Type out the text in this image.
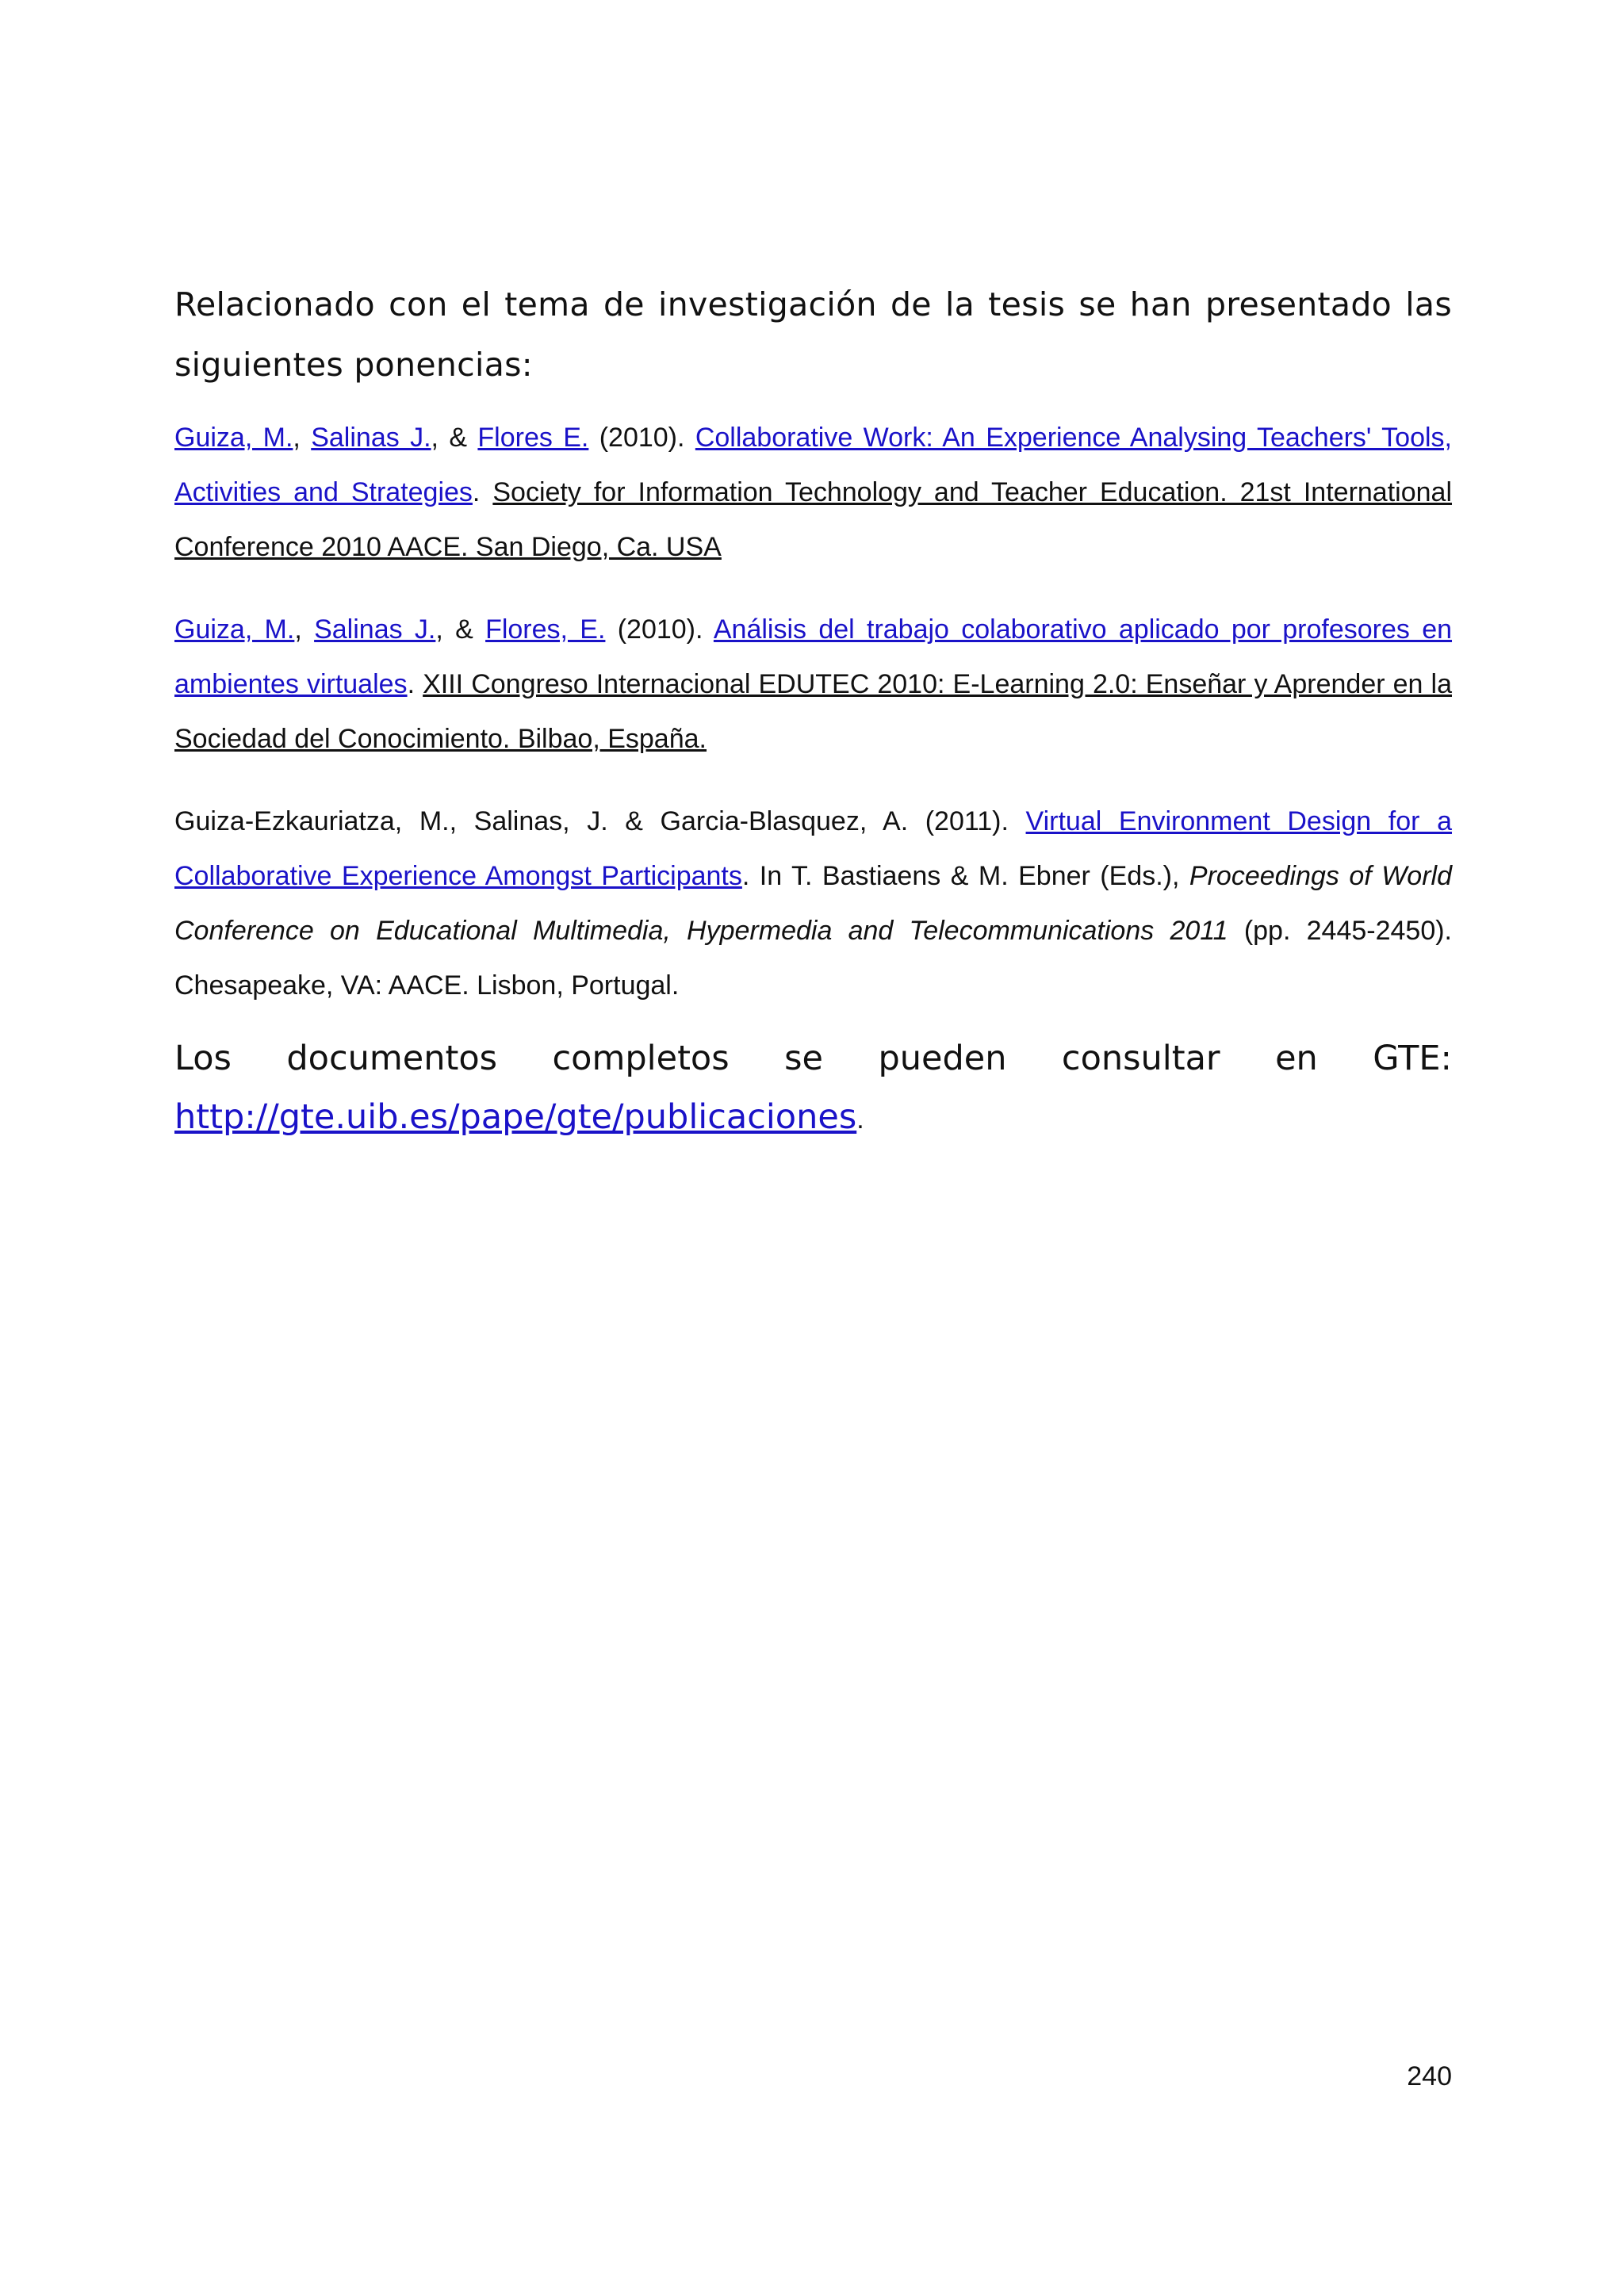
Relacionado con el tema de investigación de la tesis se han presentado las siguientes ponencias:

Guiza, M., Salinas J., & Flores E. (2010). Collaborative Work: An Experience Analysing Teachers' Tools, Activities and Strategies. Society for Information Technology and Teacher Education. 21st International Conference 2010 AACE. San Diego, Ca. USA

Guiza, M., Salinas J., & Flores, E. (2010). Análisis del trabajo colaborativo aplicado por profesores en ambientes virtuales. XIII Congreso Internacional EDUTEC 2010: E-Learning 2.0: Enseñar y Aprender en la Sociedad del Conocimiento. Bilbao, España.

Guiza-Ezkauriatza, M., Salinas, J. & Garcia-Blasquez, A. (2011). Virtual Environment Design for a Collaborative Experience Amongst Participants. In T. Bastiaens & M. Ebner (Eds.), Proceedings of World Conference on Educational Multimedia, Hypermedia and Telecommunications 2011 (pp. 2445-2450). Chesapeake, VA: AACE. Lisbon, Portugal.

Los documentos completos se pueden consultar en GTE:
http://gte.uib.es/pape/gte/publicaciones.
240
